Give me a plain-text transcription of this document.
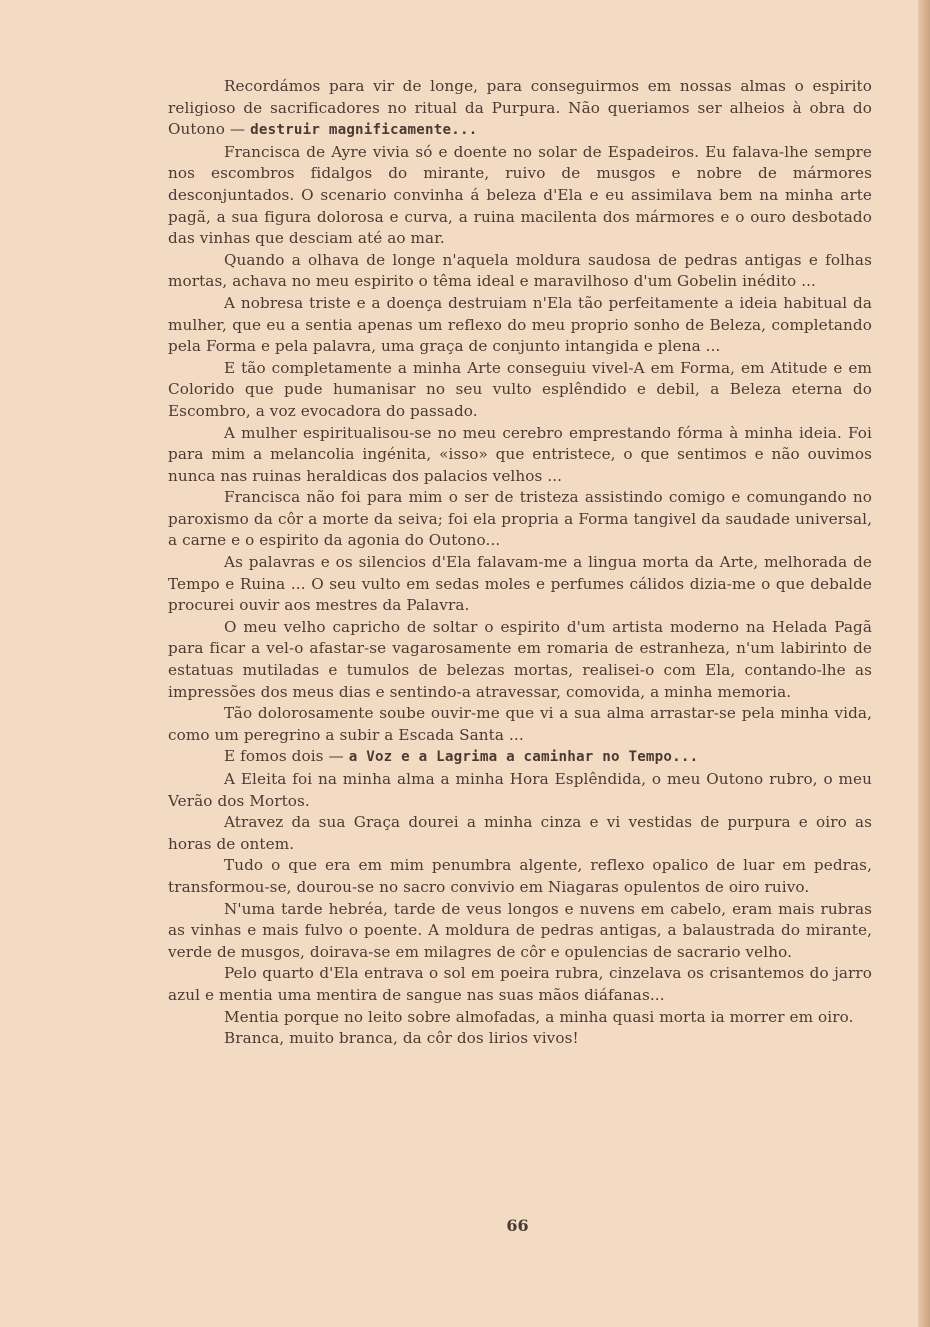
Recordámos para vir de longe, para conseguirmos em nossas almas o espirito religioso de sacrificadores no ritual da Purpura. Não queriamos ser alheios à obra do Outono — destruir magnificamente...

Francisca de Ayre vivia só e doente no solar de Espadeiros. Eu falava-lhe sempre nos escombros fidalgos do mirante, ruivo de musgos e nobre de mármores desconjuntados. O scenario convinha á beleza d'Ela e eu assimilava bem na minha arte pagã, a sua figura dolorosa e curva, a ruina macilenta dos mármores e o ouro desbotado das vinhas que desciam até ao mar.

Quando a olhava de longe n'aquela moldura saudosa de pedras antigas e folhas mortas, achava no meu espirito o têma ideal e maravilhoso d'um Gobelin inédito ...

A nobresa triste e a doença destruiam n'Ela tão perfeitamente a ideia habitual da mulher, que eu a sentia apenas um reflexo do meu proprio sonho de Beleza, completando pela Forma e pela palavra, uma graça de conjunto intangida e plena ...

E tão completamente a minha Arte conseguiu vivel-A em Forma, em Atitude e em Colorido que pude humanisar no seu vulto esplêndido e debil, a Beleza eterna do Escombro, a voz evocadora do passado.

A mulher espiritualisou-se no meu cerebro emprestando fórma à minha ideia. Foi para mim a melancolia ingénita, «isso» que entristece, o que sentimos e não ouvimos nunca nas ruinas heraldicas dos palacios velhos ...

Francisca não foi para mim o ser de tristeza assistindo comigo e comungando no paroxismo da côr a morte da seiva; foi ela propria a Forma tangivel da saudade universal, a carne e o espirito da agonia do Outono...

As palavras e os silencios d'Ela falavam-me a lingua morta da Arte, melhorada de Tempo e Ruina ... O seu vulto em sedas moles e perfumes cálidos dizia-me o que debalde procurei ouvir aos mestres da Palavra.

O meu velho capricho de soltar o espirito d'um artista moderno na Helada Pagã para ficar a vel-o afastar-se vagarosamente em romaria de estranheza, n'um labirinto de estatuas mutiladas e tumulos de belezas mortas, realisei-o com Ela, contando-lhe as impressões dos meus dias e sentindo-a atravessar, comovida, a minha memoria.

Tão dolorosamente soube ouvir-me que vi a sua alma arrastar-se pela minha vida, como um peregrino a subir a Escada Santa ...

E fomos dois — a Voz e a Lagrima a caminhar no Tempo...

A Eleita foi na minha alma a minha Hora Esplêndida, o meu Outono rubro, o meu Verão dos Mortos.

Atravez da sua Graça dourei a minha cinza e vi vestidas de purpura e oiro as horas de ontem.

Tudo o que era em mim penumbra algente, reflexo opalico de luar em pedras, transformou-se, dourou-se no sacro convivio em Niagaras opulentos de oiro ruivo.

N'uma tarde hebréa, tarde de veus longos e nuvens em cabelo, eram mais rubras as vinhas e mais fulvo o poente. A moldura de pedras antigas, a balaustrada do mirante, verde de musgos, doirava-se em milagres de côr e opulencias de sacrario velho.

Pelo quarto d'Ela entrava o sol em poeira rubra, cinzelava os crisantemos do jarro azul e mentia uma mentira de sangue nas suas mãos diáfanas...

Mentia porque no leito sobre almofadas, a minha quasi morta ia morrer em oiro.

Branca, muito branca, da côr dos lirios vivos!

66
